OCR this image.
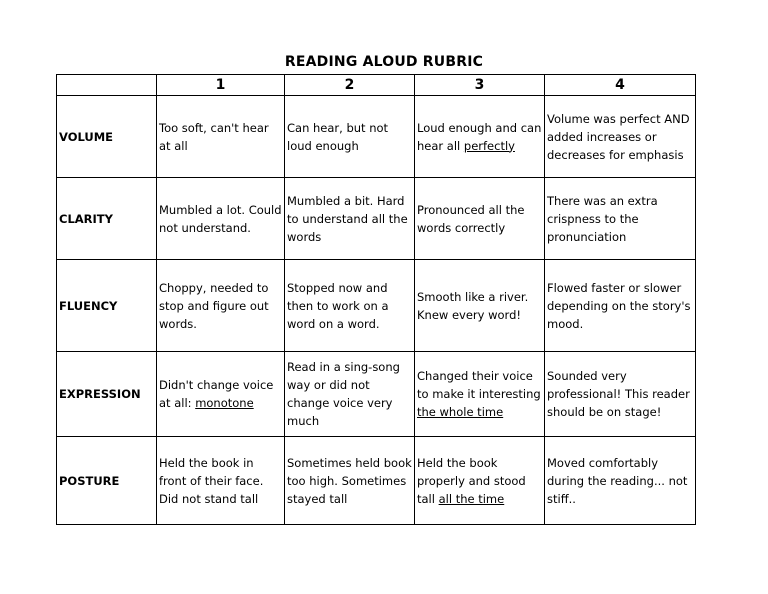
READING ALOUD RUBRIC
	1	2	3	4
VOLUME	Too soft, can't hear at all	Can hear, but not loud enough	Loud enough and can hear all perfectly	Volume was perfect AND added increases or decreases for emphasis
CLARITY	Mumbled a lot. Could not understand.	Mumbled a bit. Hard to understand all the words	Pronounced all the words correctly	There was an extra crispness to the pronunciation
FLUENCY	Choppy, needed to stop and figure out words.	Stopped now and then to work on a word on a word.	Smooth like a river. Knew every word!	Flowed faster or slower depending on the story's mood.
EXPRESSION	Didn't change voice at all: monotone	Read in a sing-song way or did not change voice very much	Changed their voice to make it interesting the whole time	Sounded very professional! This reader should be on stage!
POSTURE	Held the book in front of their face. Did not stand tall	Sometimes held book too high. Sometimes stayed tall	Held the book properly and stood tall all the time	Moved comfortably during the reading... not stiff..
